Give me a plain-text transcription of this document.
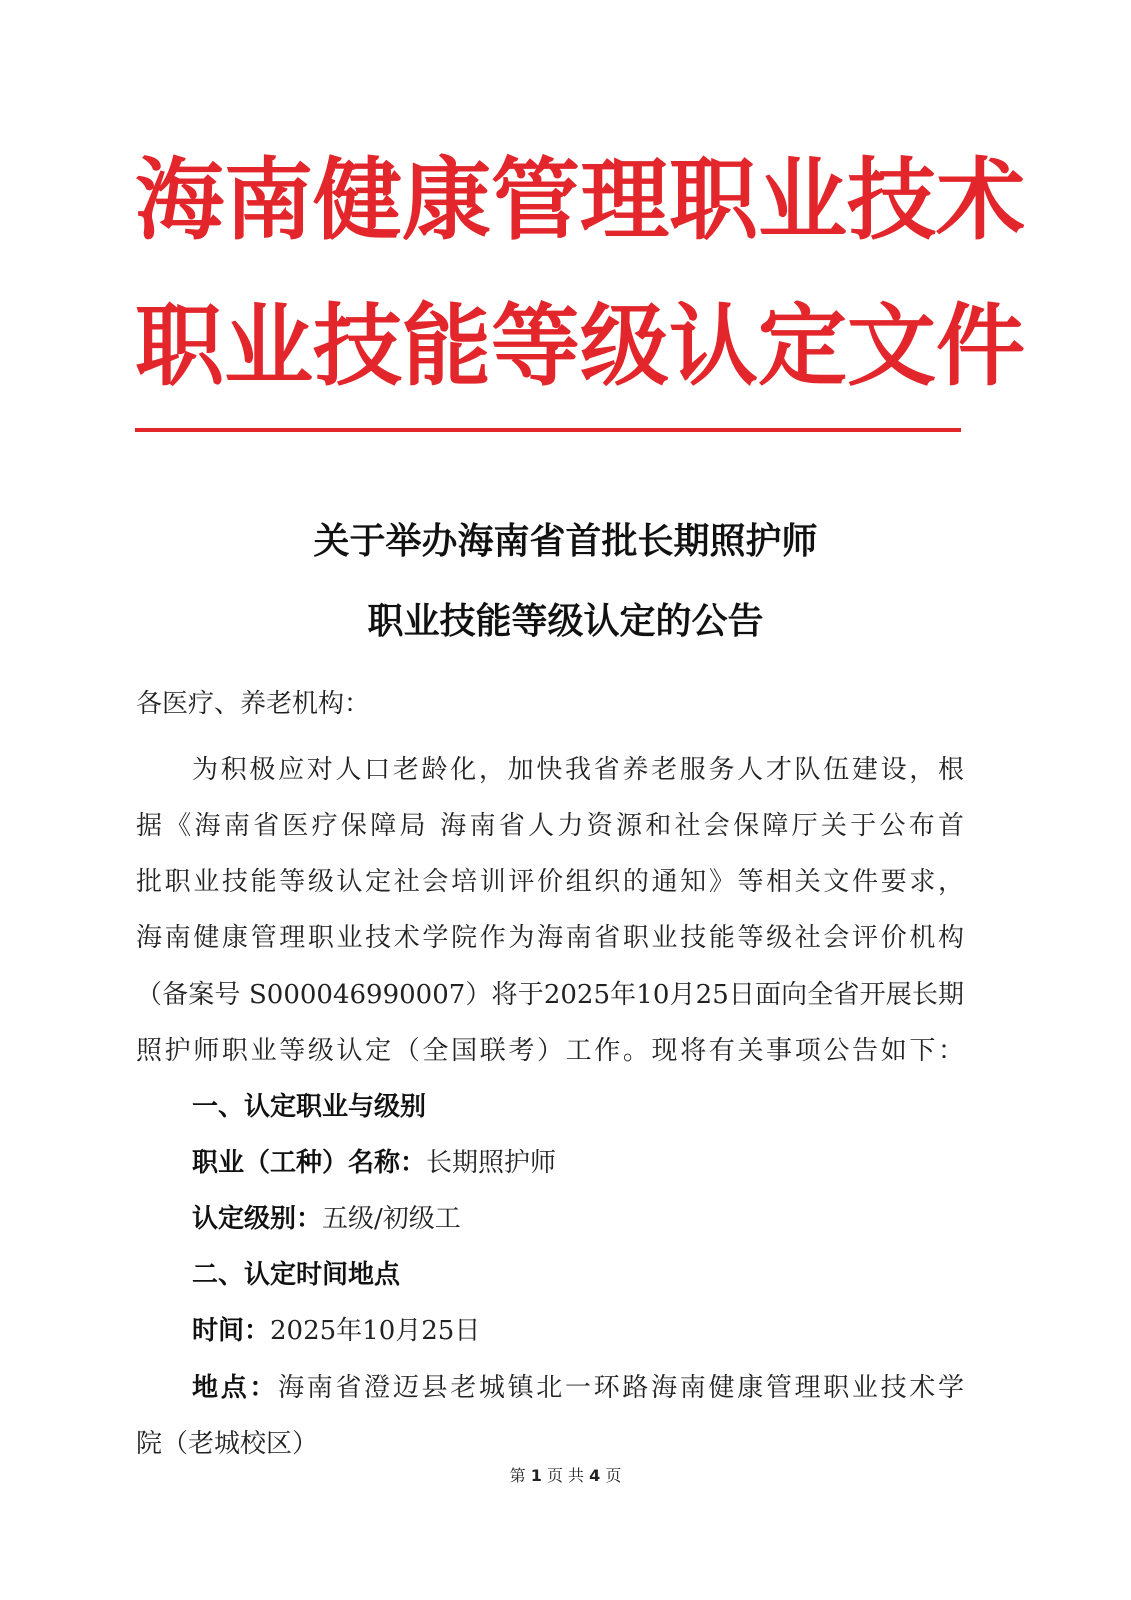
海南健康管理职业技术
职业技能等级认定文件
关于举办海南省首批长期照护师
职业技能等级认定的公告
各医疗、养老机构：
为积极应对人口老龄化，加快我省养老服务人才队伍建设，根
据《海南省医疗保障局 海南省人力资源和社会保障厅关于公布首
批职业技能等级认定社会培训评价组织的通知》等相关文件要求，
海南健康管理职业技术学院作为海南省职业技能等级社会评价机构
（备案号 S000046990007）将于2025年10月25日面向全省开展长期
照护师职业等级认定（全国联考）工作。现将有关事项公告如下：
一、认定职业与级别
职业（工种）名称：长期照护师
认定级别：五级/初级工
二、认定时间地点
时间：2025年10月25日
地点：海南省澄迈县老城镇北一环路海南健康管理职业技术学
院（老城校区）
第 1 页 共 4 页
